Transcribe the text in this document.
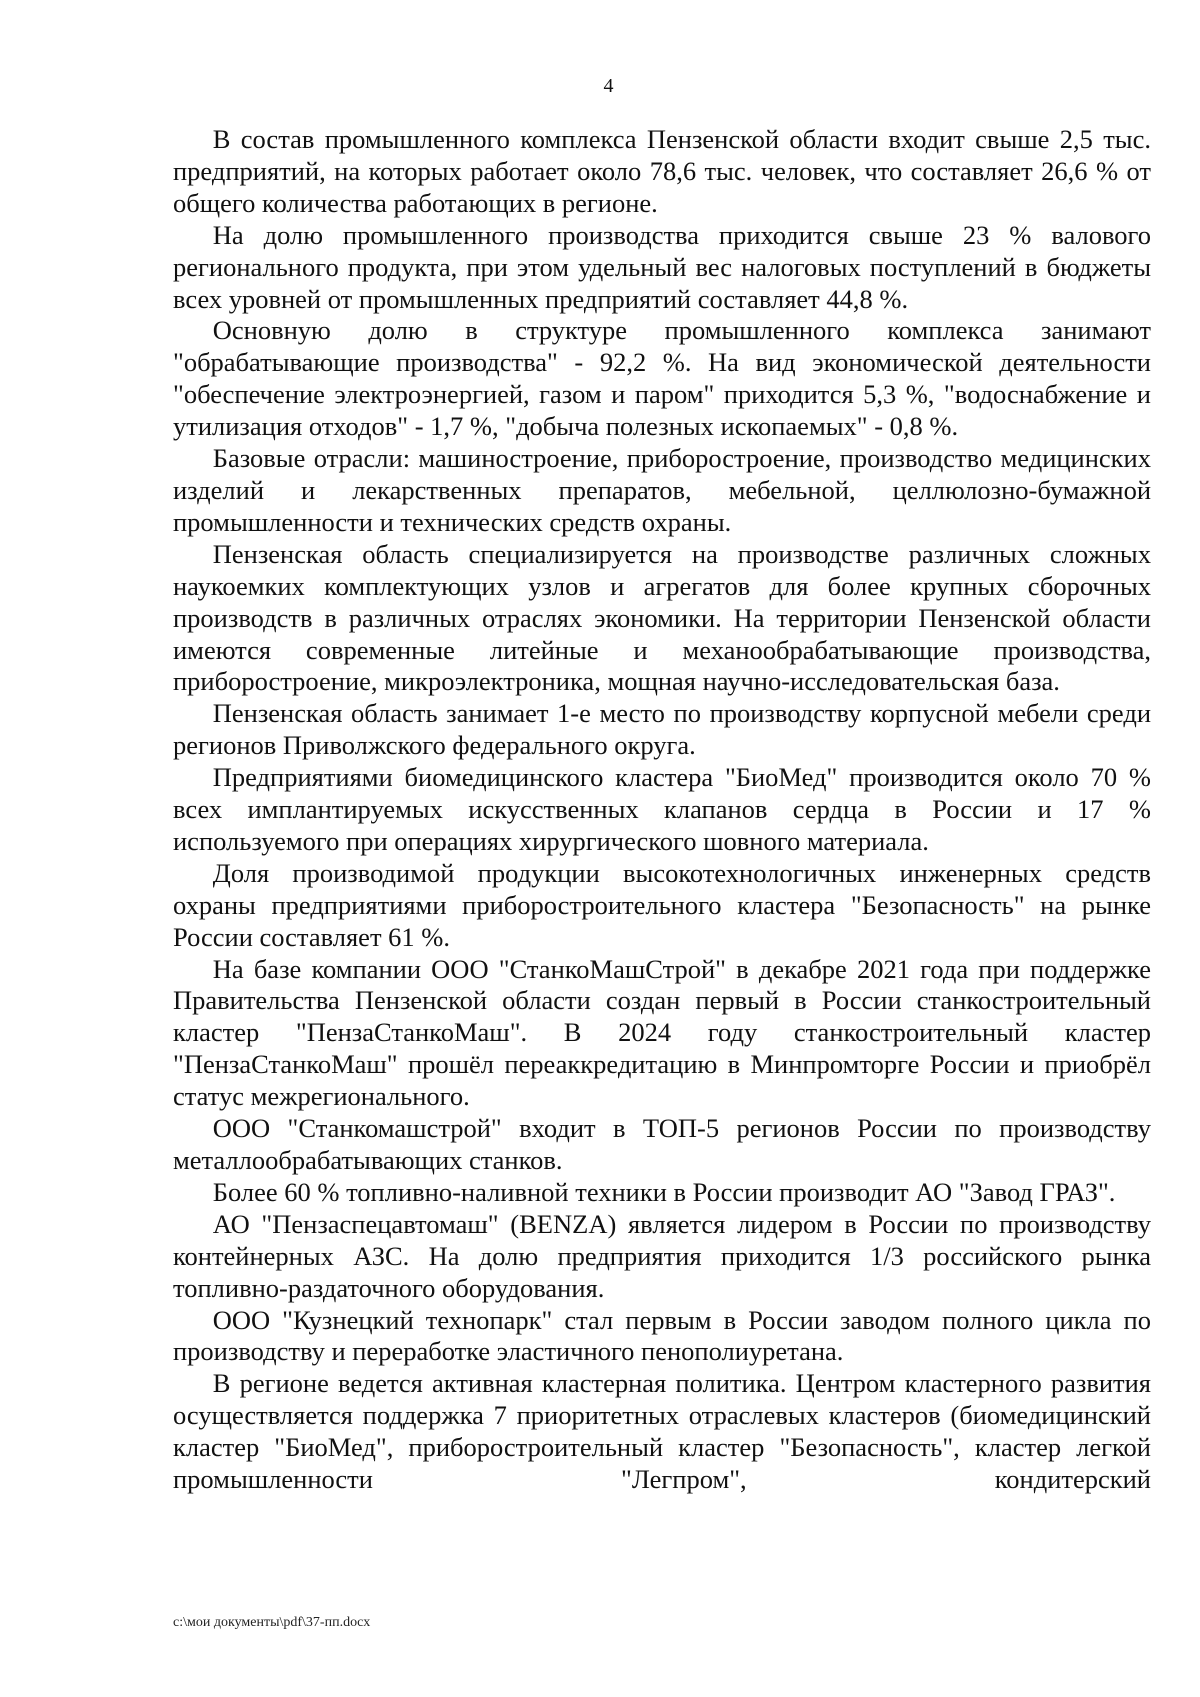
4

В состав промышленного комплекса Пензенской области входит свыше 2,5 тыс. предприятий, на которых работает около 78,6 тыс. человек, что составляет 26,6 % от общего количества работающих в регионе.

На долю промышленного производства приходится свыше 23 % валового регионального продукта, при этом удельный вес налоговых поступлений в бюджеты всех уровней от промышленных предприятий составляет 44,8 %.

Основную долю в структуре промышленного комплекса занимают "обрабатывающие производства" - 92,2 %. На вид экономической деятельности "обеспечение электроэнергией, газом и паром" приходится 5,3 %, "водоснабжение и утилизация отходов" - 1,7 %, "добыча полезных ископаемых" - 0,8 %.

Базовые отрасли: машиностроение, приборостроение, производство медицинских изделий и лекарственных препаратов, мебельной, целлюлозно-бумажной промышленности и технических средств охраны.

Пензенская область специализируется на производстве различных сложных наукоемких комплектующих узлов и агрегатов для более крупных сборочных производств в различных отраслях экономики. На территории Пензенской области имеются современные литейные и механообрабатывающие производства, приборостроение, микроэлектроника, мощная научно-исследовательская база.

Пензенская область занимает 1-е место по производству корпусной мебели среди регионов Приволжского федерального округа.

Предприятиями биомедицинского кластера "БиоМед" производится около 70 % всех имплантируемых искусственных клапанов сердца в России и 17 % используемого при операциях хирургического шовного материала.

Доля производимой продукции высокотехнологичных инженерных средств охраны предприятиями приборостроительного кластера "Безопасность" на рынке России составляет 61 %.

На базе компании ООО "СтанкоМашСтрой" в декабре 2021 года при поддержке Правительства Пензенской области создан первый в России станкостроительный кластер "ПензаСтанкоМаш". В 2024 году станкостроительный кластер "ПензаСтанкоМаш" прошёл переаккредитацию в Минпромторге России и приобрёл статус межрегионального.

ООО "Станкомашстрой" входит в ТОП-5 регионов России по производству металлообрабатывающих станков.

Более 60 % топливно-наливной техники в России производит АО "Завод ГРАЗ".

АО "Пензаспецавтомаш" (BENZA) является лидером в России по производству контейнерных АЗС. На долю предприятия приходится 1/3 российского рынка топливно-раздаточного оборудования.

ООО "Кузнецкий технопарк" стал первым в России заводом полного цикла по производству и переработке эластичного пенополиуретана.

В регионе ведется активная кластерная политика. Центром кластерного развития осуществляется поддержка 7 приоритетных отраслевых кластеров (биомедицинский кластер "БиоМед", приборостроительный кластер "Безопасность", кластер легкой промышленности "Легпром", кондитерский

c:\мои документы\pdf\37-пп.docx
